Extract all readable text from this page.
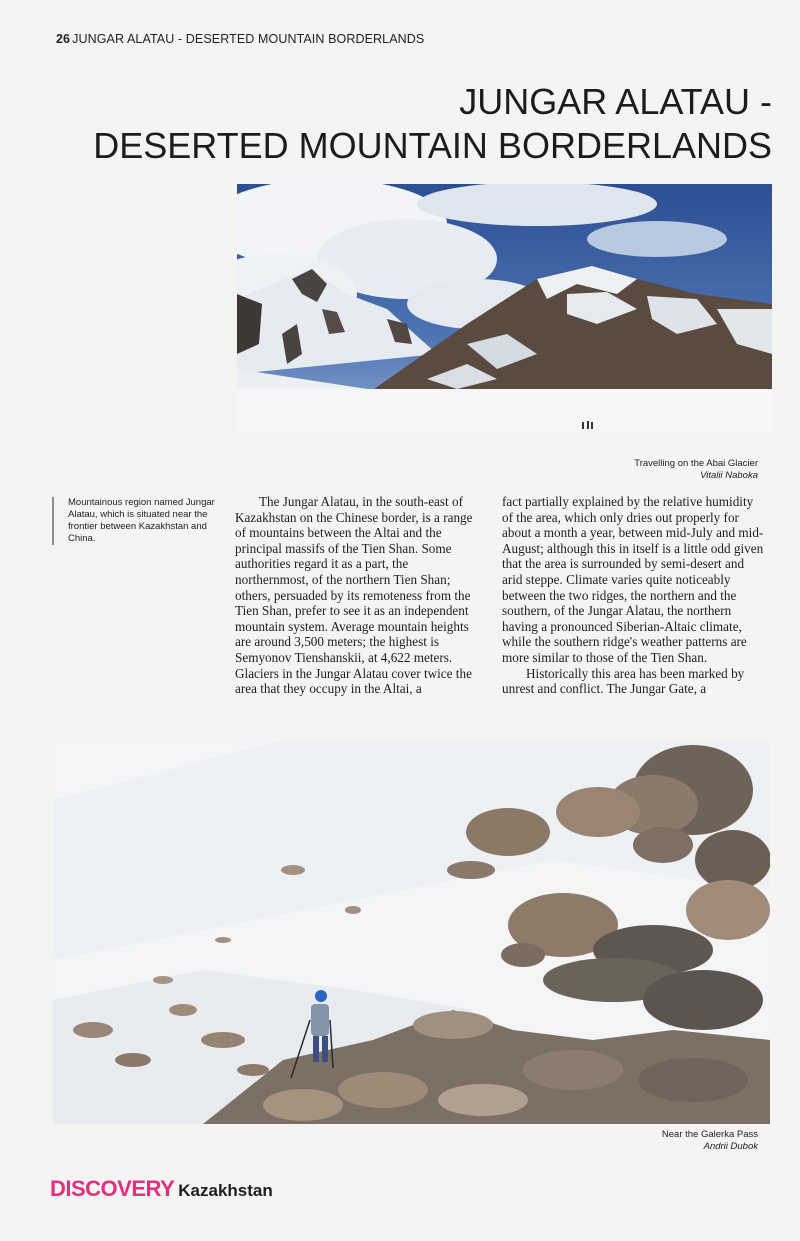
26 JUNGAR ALATAU - DESERTED MOUNTAIN BORDERLANDS
JUNGAR ALATAU -
DESERTED MOUNTAIN BORDERLANDS
Travelling on the Abai Glacier
Vitalii Naboka
Mountainous region named Jungar Alatau, which is situated near the frontier between Kazakhstan and China.

The Jungar Alatau, in the south-east of Kazakhstan on the Chinese border, is a range of mountains between the Altai and the principal massifs of the Tien Shan. Some authorities regard it as a part, the northernmost, of the northern Tien Shan; others, persuaded by its remoteness from the Tien Shan, prefer to see it as an independent mountain system. Average mountain heights are around 3,500 meters; the highest is Semyonov Tienshanskii, at 4,622 meters. Glaciers in the Jungar Alatau cover twice the area that they occupy in the Altai, a

fact partially explained by the relative humidity of the area, which only dries out properly for about a month a year, between mid-July and mid-August; although this in itself is a little odd given that the area is surrounded by semi-desert and arid steppe. Climate varies quite noticeably between the two ridges, the northern and the southern, of the Jungar Alatau, the northern having a pronounced Siberian-Altaic climate, while the southern ridge's weather patterns are more similar to those of the Tien Shan.

Historically this area has been marked by unrest and conflict. The Jungar Gate, a

Near the Galerka Pass
Andrii Dubok
DISCOVERY Kazakhstan
